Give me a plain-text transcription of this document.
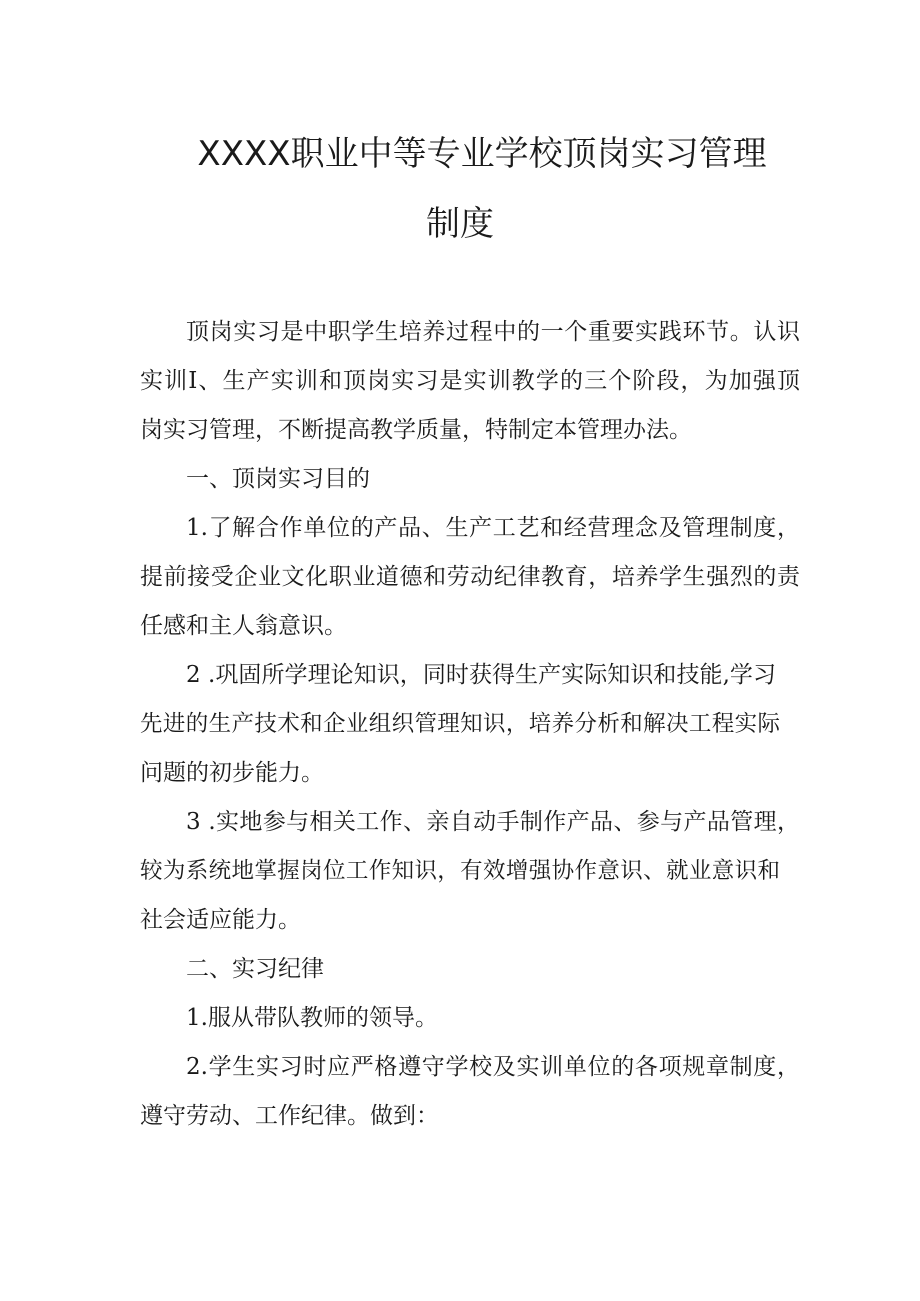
XXXX职业中等专业学校顶岗实习管理
制度
顶岗实习是中职学生培养过程中的一个重要实践环节。认识
实训I、生产实训和顶岗实习是实训教学的三个阶段，为加强顶
岗实习管理，不断提高教学质量，特制定本管理办法。
一、顶岗实习目的
1.了解合作单位的产品、生产工艺和经营理念及管理制度，
提前接受企业文化职业道德和劳动纪律教育，培养学生强烈的责
任感和主人翁意识。
2 .巩固所学理论知识，同时获得生产实际知识和技能,学习
先进的生产技术和企业组织管理知识，培养分析和解决工程实际
问题的初步能力。
3 .实地参与相关工作、亲自动手制作产品、参与产品管理，
较为系统地掌握岗位工作知识，有效增强协作意识、就业意识和
社会适应能力。
二、实习纪律
1.服从带队教师的领导。
2.学生实习时应严格遵守学校及实训单位的各项规章制度，
遵守劳动、工作纪律。做到：
